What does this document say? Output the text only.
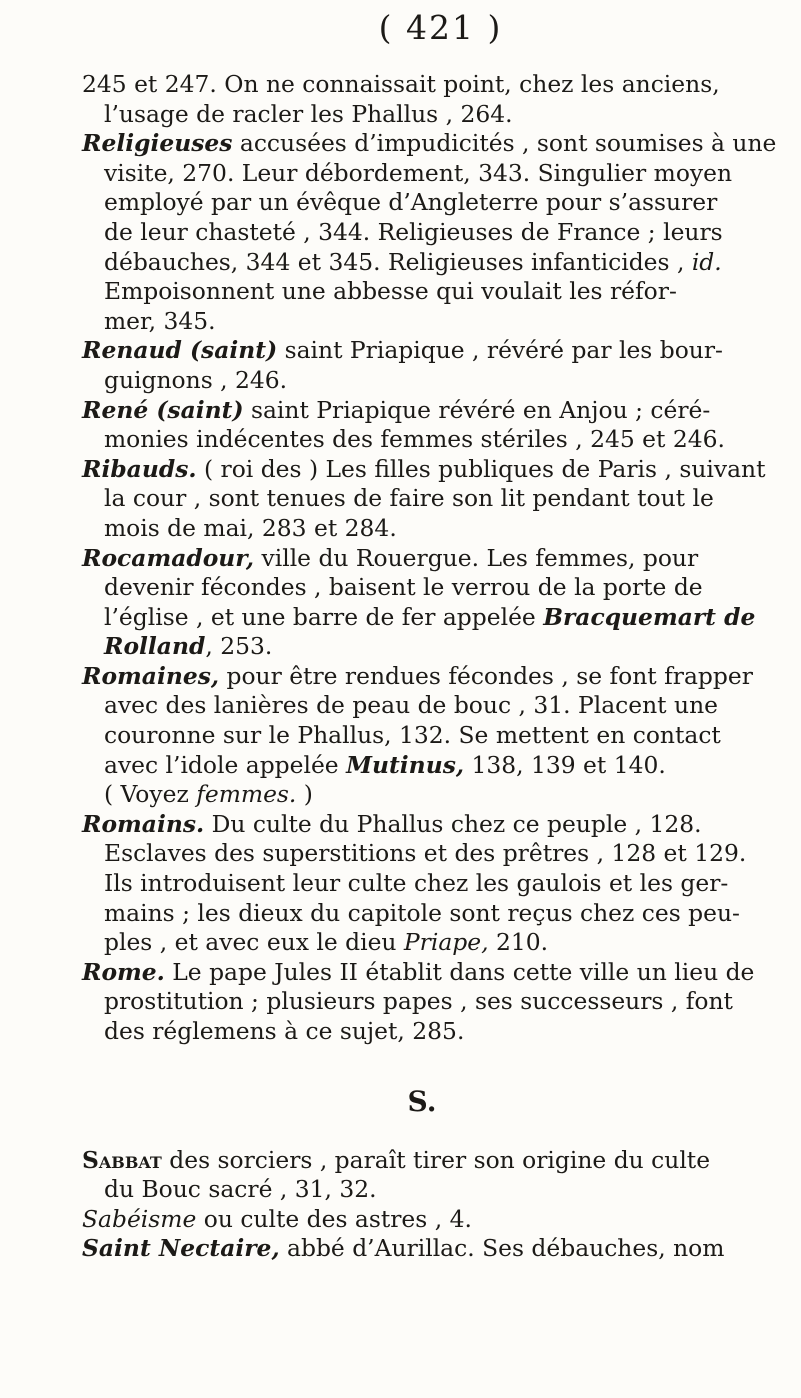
( 421 )

245 et 247. On ne connaissait point, chez les anciens,
l’usage de racler les Phallus , 264.

Religieuses accusées d’impudicités , sont soumises à une
visite, 270. Leur débordement, 343. Singulier moyen
employé par un évêque d’Angleterre pour s’assurer
de leur chasteté , 344. Religieuses de France ; leurs
débauches, 344 et 345. Religieuses infanticides , id.
Empoisonnent une abbesse qui voulait les réfor-
mer, 345.

Renaud (saint) saint Priapique , révéré par les bour-
guignons , 246.

René (saint) saint Priapique révéré en Anjou ; céré-
monies indécentes des femmes stériles , 245 et 246.

Ribauds. ( roi des ) Les filles publiques de Paris , suivant
la cour , sont tenues de faire son lit pendant tout le
mois de mai, 283 et 284.

Rocamadour, ville du Rouergue. Les femmes, pour
devenir fécondes , baisent le verrou de la porte de
l’église , et une barre de fer appelée Bracquemart de
Rolland, 253.

Romaines, pour être rendues fécondes , se font frapper
avec des lanières de peau de bouc , 31. Placent une
couronne sur le Phallus, 132. Se mettent en contact
avec l’idole appelée Mutinus, 138, 139 et 140.
( Voyez femmes. )

Romains. Du culte du Phallus chez ce peuple , 128.
Esclaves des superstitions et des prêtres , 128 et 129.
Ils introduisent leur culte chez les gaulois et les ger-
mains ; les dieux du capitole sont reçus chez ces peu-
ples , et avec eux le dieu Priape, 210.

Rome. Le pape Jules II établit dans cette ville un lieu de
prostitution ; plusieurs papes , ses successeurs , font
des réglemens à ce sujet, 285.

S.

Sabbat des sorciers , paraît tirer son origine du culte
du Bouc sacré , 31, 32.

Sabéisme ou culte des astres , 4.

Saint Nectaire, abbé d’Aurillac. Ses débauches, nom
